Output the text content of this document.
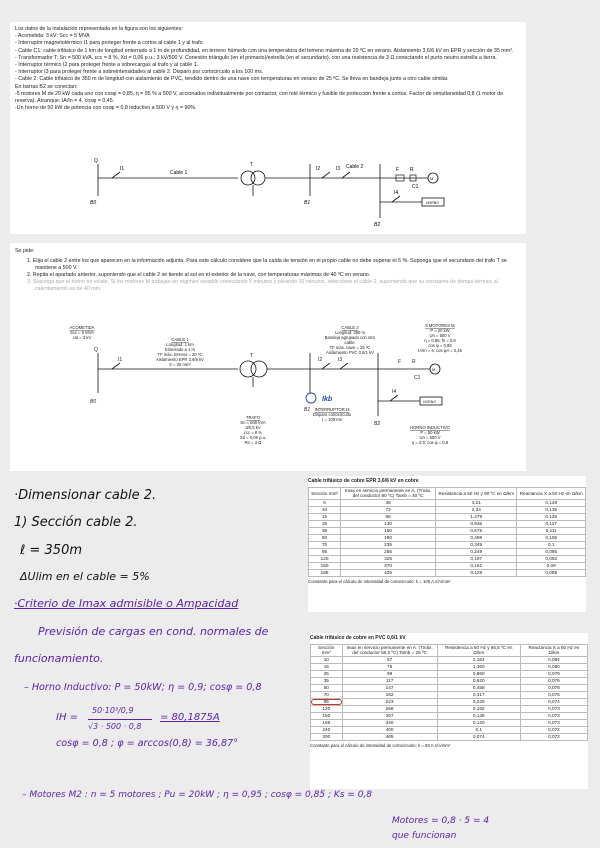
Los datos de la instalación representada en la figura son los siguientes:

- Acometida: 3 kV; Scc = 5 MVA

- Interruptor magnetotérmico I1 para proteger frente a cortos al cable 1 y al trafo.

- Cable C1: cable trifásico de 1 km de longitud enterrado a 1 m de profundidad, en terreno húmedo con una temperatura del terreno máxima de 20 ºC en verano. Aislamiento 3,6/6 kV en EPR y sección de 35 mm².

- Transformador T: Sn = 500 kVA, εcc = 8 %, Xd = 0,06 p.u.; 3 kV/500 V. Conexión triángulo (en el primario)/estrella (en el secundario), con una resistencia de 3 Ω conectando el purto neutro estrella a tierra.

- Interruptor térmico I2 para proteger frente a sobrecargas al trafo y al cable 1.

- Interruptor I3 para proteger frente a sobreintensidades al cable 2. Disparo por cortocircuito a los 100 ms.

- Cable 2: Cable trifásico de 350 m de longitud con aislamiento de PVC, tendido dentro de una nave con temperaturas en verano de 25 ºC. Se lleva en bandeja junto a otro cable similar.

En barras B2 se conectan:

-5 motores M de 20 kW cada uno con cosφ = 0,85, η = 95 % a 500 V, accionados individualmente por contactor, con relé térmico y fusible de protección frente a cortos. Factor de simultaneidad 0,8 (1 motor de reserva). Arranque: IA/In = 4, cosφ = 0,45.

-Un horno de 50 kW de potencia con cosφ = 0,8 inductivo a 500 V y η = 90%.

Q
B0
I1
Cable 1
T
I2	I3
B1
Cable 2	F R
C1
M
I4
HORNO
B2

Se pide:

1. Elija el cable 2 entre los que aparecen en la información adjunta. Para este cálculo considere que la caída de tensión en el propio cable no debe superar el 5 %. Suponga que el secundario del trafo T se mantiene a 500 V.

2. Repita el apartado anterior, suponiendo que el cable 2 se tiende al sol en el exterior de la nave, con temperaturas máximas de 40 ºC en verano.

3. Suponga que el horno no existe. Si los motores M trabajan en régimen variable conectando 5 minutos y parando 10 minutos, seleccione el cable 2, suponiendo que su constante de tiempo térmico al calentamiento es de 40 min.

Ikb
ACOMETIDA
Scc = 5 MVA
Ua = 3 kV	CABLE 1
Longitud: 1 km
Enterrado a 1 m
TF máx. terreno = 20 ºC
Aislamiento EPR 3,6/6 kV
S = 35 mm²
CABLE 2
Longitud: 350 m
Bandeja agrupado con otro
cable.
TF máx. nave = 25 ºC
Aislamiento PVC 0,6/1 kV
5 MOTORES M
P = 20 kW
Un = 500 V
η = 0,95; fs = 0,8
cos φ = 0,85
IA/In = 4; cos φA = 0,45
TRAFO
Sn = 500 kVA
3/0,5 kV
εcc = 8 %
Xd = 0,06 p.u.
Rn = 3 Ω
INTERRUPTOR I3
Disparo cortocircuito
t = 100 ms
HORNO INDUCTIVO
P = 50 kW
Un = 500 V
η = 0,9; cos φ = 0,8
B0
B1
B2
HORNO
I1	I2	I3
Q
T
F R
C1
M
I4
·Dimensionar cable 2.
1) Sección cable 2.
ℓ = 350m
ΔUlim en el cable = 5%
·Criterio de Imax admisible o Ampacidad
Previsión de cargas en cond. normales de
funcionamiento.
– Horno Inductivo: P = 50kW; η = 0,9; cosφ = 0,8
IH =
50·10³/0,9
√3 · 500 · 0,8
= 80,1875A
cosφ = 0,8 ; φ = arccos(0,8) = 36,87°
– Motores M2 : n = 5 motores ; Pu = 20kW ; η = 0,95 ; cosφ = 0,85 ; Ks = 0,8
Motores = 0,8 · 5 = 4
que funcionan
Cable trifásico de cobre EPR 3,6/6 kV en cobre
Sección mm²	Imax en servicio permanente en A. (Tmáx. del conductor 90 ºC) Tamb = 40 ºC	Resistencia a 50 Hz y 90 ºC en Ω/km	Reactancia X a 50 Hz en Ω/km
6	38	3,21	0,149
10	72	2,34	0,136
16	96	1,479	0,126
25	130	0,936	0,117
35	160	0,675	0,111
50	190	0,499	0,106
70	235	0,345	0,1
95	285	0,249	0,095
120	325	0,197	0,092
150	370	0,161	0,09
185	425	0,129	0,088
Constante para el cálculo de intensidad de cortocircuito: k = 105 A.s½/mm²
Cable trifásico de cobre en PVC 0,6/1 kV
Sección mm²	Imax en servicio permanente en A. (Tmáx. del conductor 66,5 ºC) Tamb = 25 ºC	Resistencia a 50 Hz y 66,5 ºC en Ω/km	Reactancia X a 50 Hz en Ω/km
10	57	2,164	0,084
16	75	1,360	0,080
25	99	0,860	0,079
35	117	0,620	0,076
50	147	0,458	0,078
70	182	0,317	0,075
95	223	0,229	0,074
120	258	0,182	0,073
150	307	0,148	0,073
185	340	0,120	0,073
240	400	0,1	0,072
300	465	0,074	0,072
Constante para el cálculo de intensidad de cortocircuito: k = 93 A.s½/mm²
